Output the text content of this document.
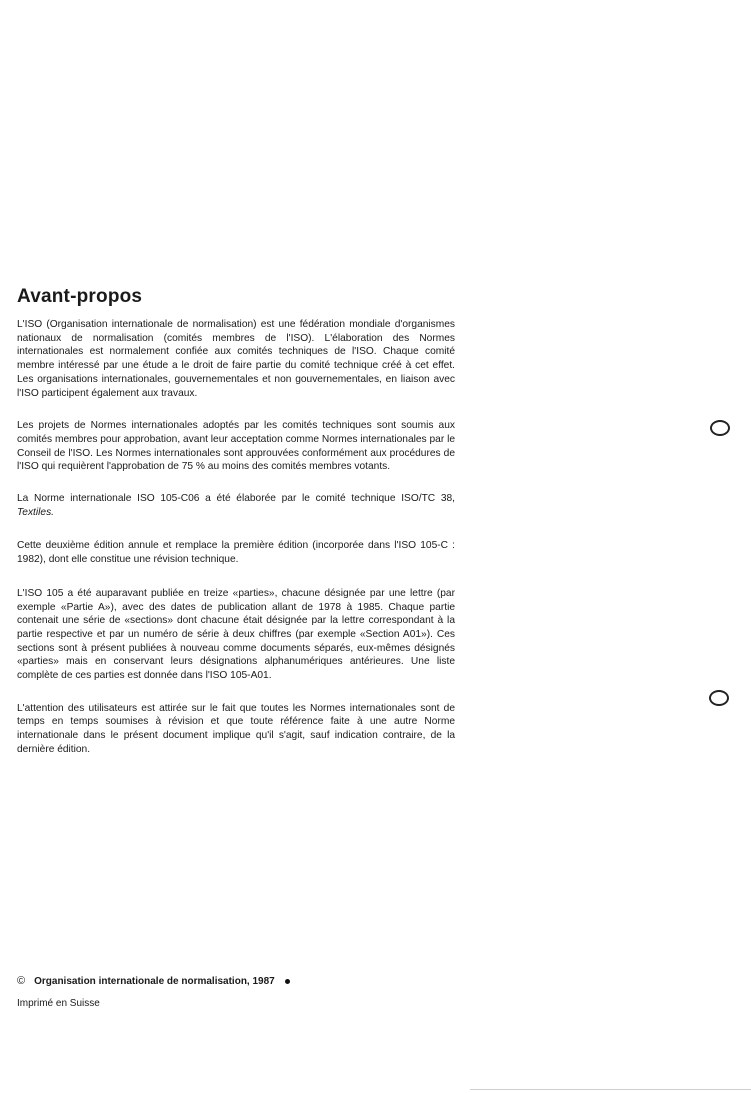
Avant-propos

L'ISO (Organisation internationale de normalisation) est une fédération mondiale d'organismes nationaux de normalisation (comités membres de l'ISO). L'élaboration des Normes internationales est normalement confiée aux comités techniques de l'ISO. Chaque comité membre intéressé par une étude a le droit de faire partie du comité technique créé à cet effet. Les organisations internationales, gouvernementales et non gouvernementales, en liaison avec l'ISO participent également aux travaux.

Les projets de Normes internationales adoptés par les comités techniques sont soumis aux comités membres pour approbation, avant leur acceptation comme Normes internationales par le Conseil de l'ISO. Les Normes internationales sont approuvées conformément aux procédures de l'ISO qui requièrent l'approbation de 75 % au moins des comités membres votants.

La Norme internationale ISO 105-C06 a été élaborée par le comité technique ISO/TC 38, Textiles.

Cette deuxième édition annule et remplace la première édition (incorporée dans l'ISO 105-C : 1982), dont elle constitue une révision technique.

L'ISO 105 a été auparavant publiée en treize «parties», chacune désignée par une lettre (par exemple «Partie A»), avec des dates de publication allant de 1978 à 1985. Chaque partie contenait une série de «sections» dont chacune était désignée par la lettre correspondant à la partie respective et par un numéro de série à deux chiffres (par exemple «Section A01»). Ces sections sont à présent publiées à nouveau comme documents séparés, eux-mêmes désignés «parties» mais en conservant leurs désignations alphanumériques antérieures. Une liste complète de ces parties est donnée dans l'ISO 105-A01.

L'attention des utilisateurs est attirée sur le fait que toutes les Normes internationales sont de temps en temps soumises à révision et que toute référence faite à une autre Norme internationale dans le présent document implique qu'il s'agit, sauf indication contraire, de la dernière édition.

© Organisation internationale de normalisation, 1987
Imprimé en Suisse
